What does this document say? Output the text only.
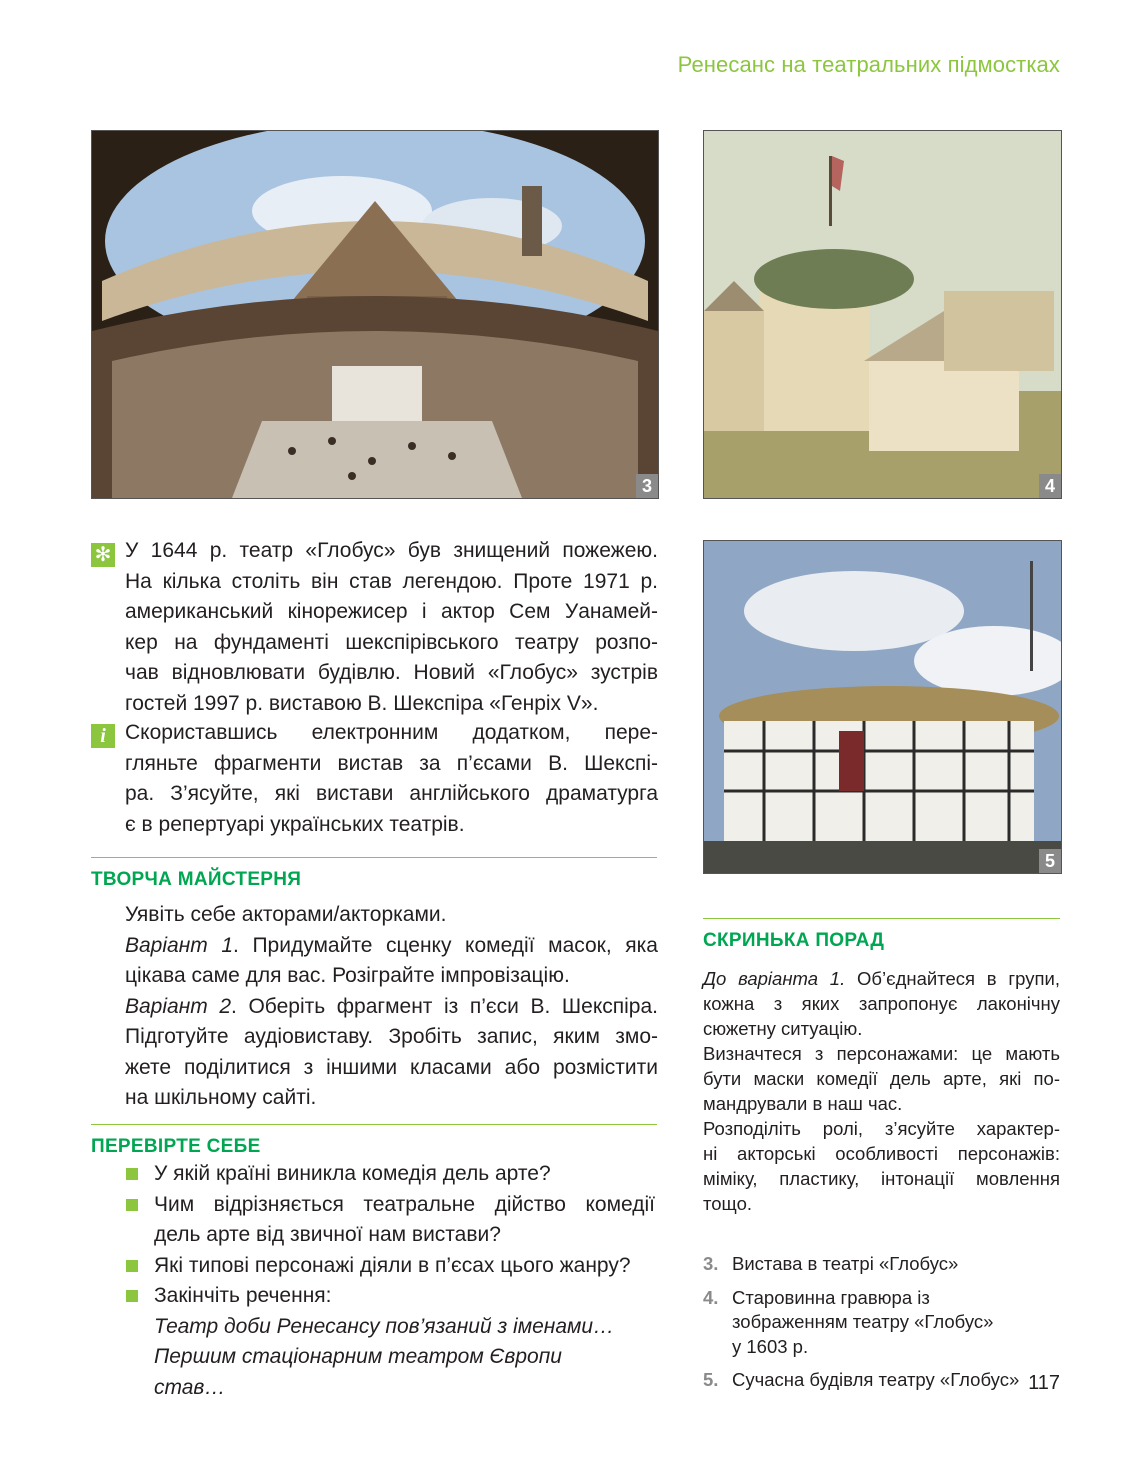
Ренесанс на театральних підмостках
3	4
5
✻ У 1644 р. театр «Глобус» був знищений пожежею.
На кілька століть він став легендою. Проте 1971 р.
американський кінорежисер і актор Сем Уанамей-
кер на фундаменті шекспірівського театру розпо-
чав відновлювати будівлю. Новий «Глобус» зустрів
гостей 1997 р. виставою В. Шекспіра «Генріх V».
i Скориставшись електронним додатком, пере-
гляньте фрагменти вистав за п’єсами В. Шекспі-
ра. З’ясуйте, які вистави англійського драматурга
є в репертуарі українських театрів.
ТВОРЧА МАЙСТЕРНЯ
Уявіть себе акторами/акторками.
Варіант 1. Придумайте сценку комедії масок, яка
цікава саме для вас. Розіграйте імпровізацію.
Варіант 2. Оберіть фрагмент із п’єси В. Шекспіра.
Підготуйте аудіовиставу. Зробіть запис, яким змо-
жете поділитися з іншими класами або розмістити
на шкільному сайті.
ПЕРЕВІРТЕ СЕБЕ
У якій країні виникла комедія дель арте?
Чим відрізняється театральне дійство комедії
дель арте від звичної нам вистави?
Які типові персонажі діяли в п’єсах цього жанру?
Закінчіть речення:
Театр доби Ренесансу пов’язаний з іменами…
Першим стаціонарним театром Європи
став…
СКРИНЬКА ПОРАД
До варіанта 1. Об’єднайтеся в групи,
кожна з яких запропонує лаконічну
сюжетну ситуацію.
Визначтеся з персонажами: це мають
бути маски комедії дель арте, які по-
мандрували в наш час.
Розподіліть ролі, з’ясуйте характер-
ні акторські особливості персонажів:
міміку, пластику, інтонації мовлення
тощо.
3. Вистава в театрі «Глобус»
4. Старовинна гравюра із
зображенням театру «Глобус»
у 1603 р.
5. Сучасна будівля театру «Глобус» 117
